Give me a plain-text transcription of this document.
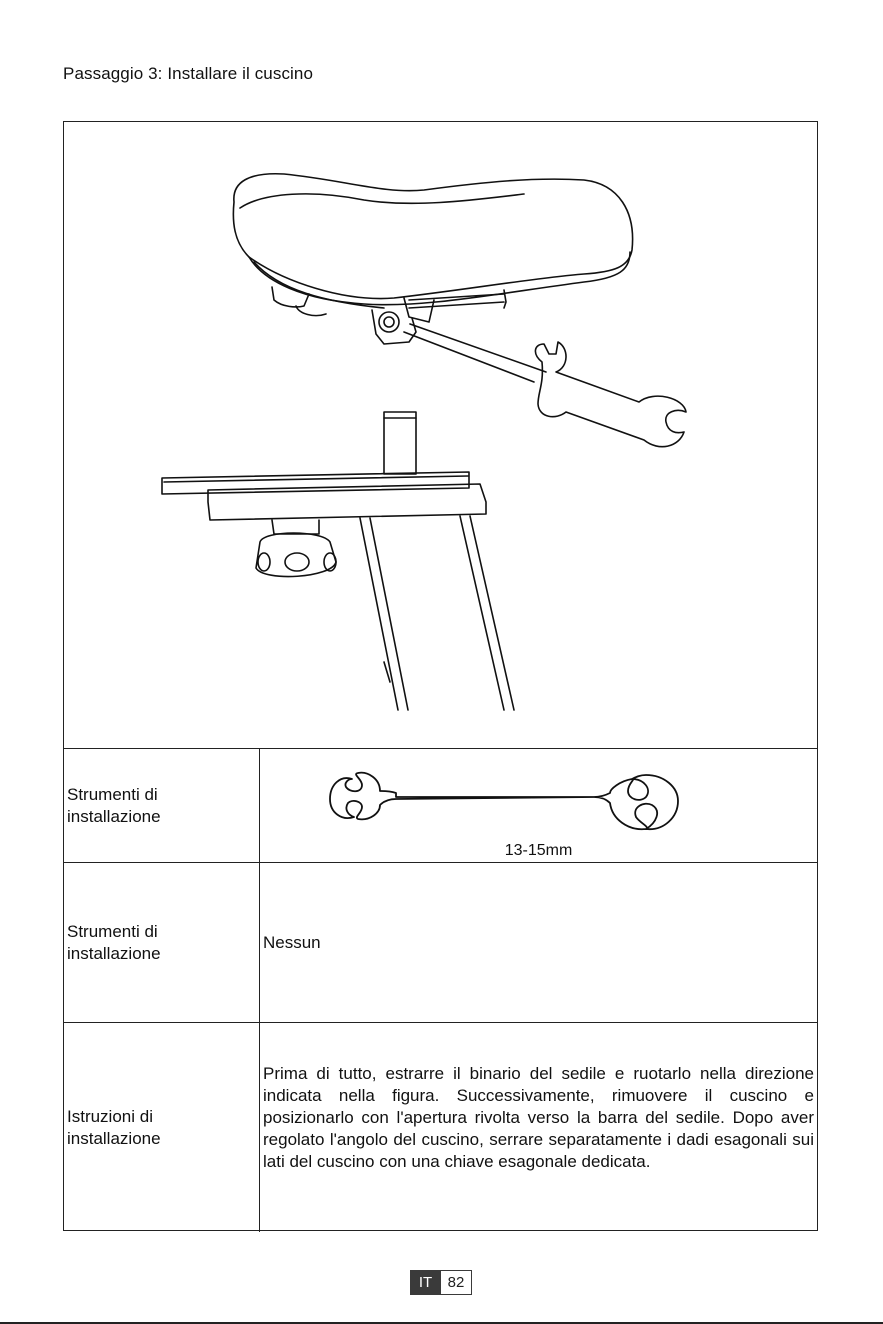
Passaggio 3: Installare il cuscino
Strumenti di
installazione
13-15mm
Strumenti di
installazione
Nessun
Istruzioni di
installazione
Prima di tutto, estrarre il binario del sedile e ruotarlo nella direzione indicata nella figura. Successivamente, rimuovere il cuscino e posizionarlo con l'apertura rivolta verso la barra del sedile. Dopo aver regolato l'angolo del cuscino, serrare separatamente i dadi esagonali sui lati del cuscino con una chiave esagonale dedicata.
IT	82
